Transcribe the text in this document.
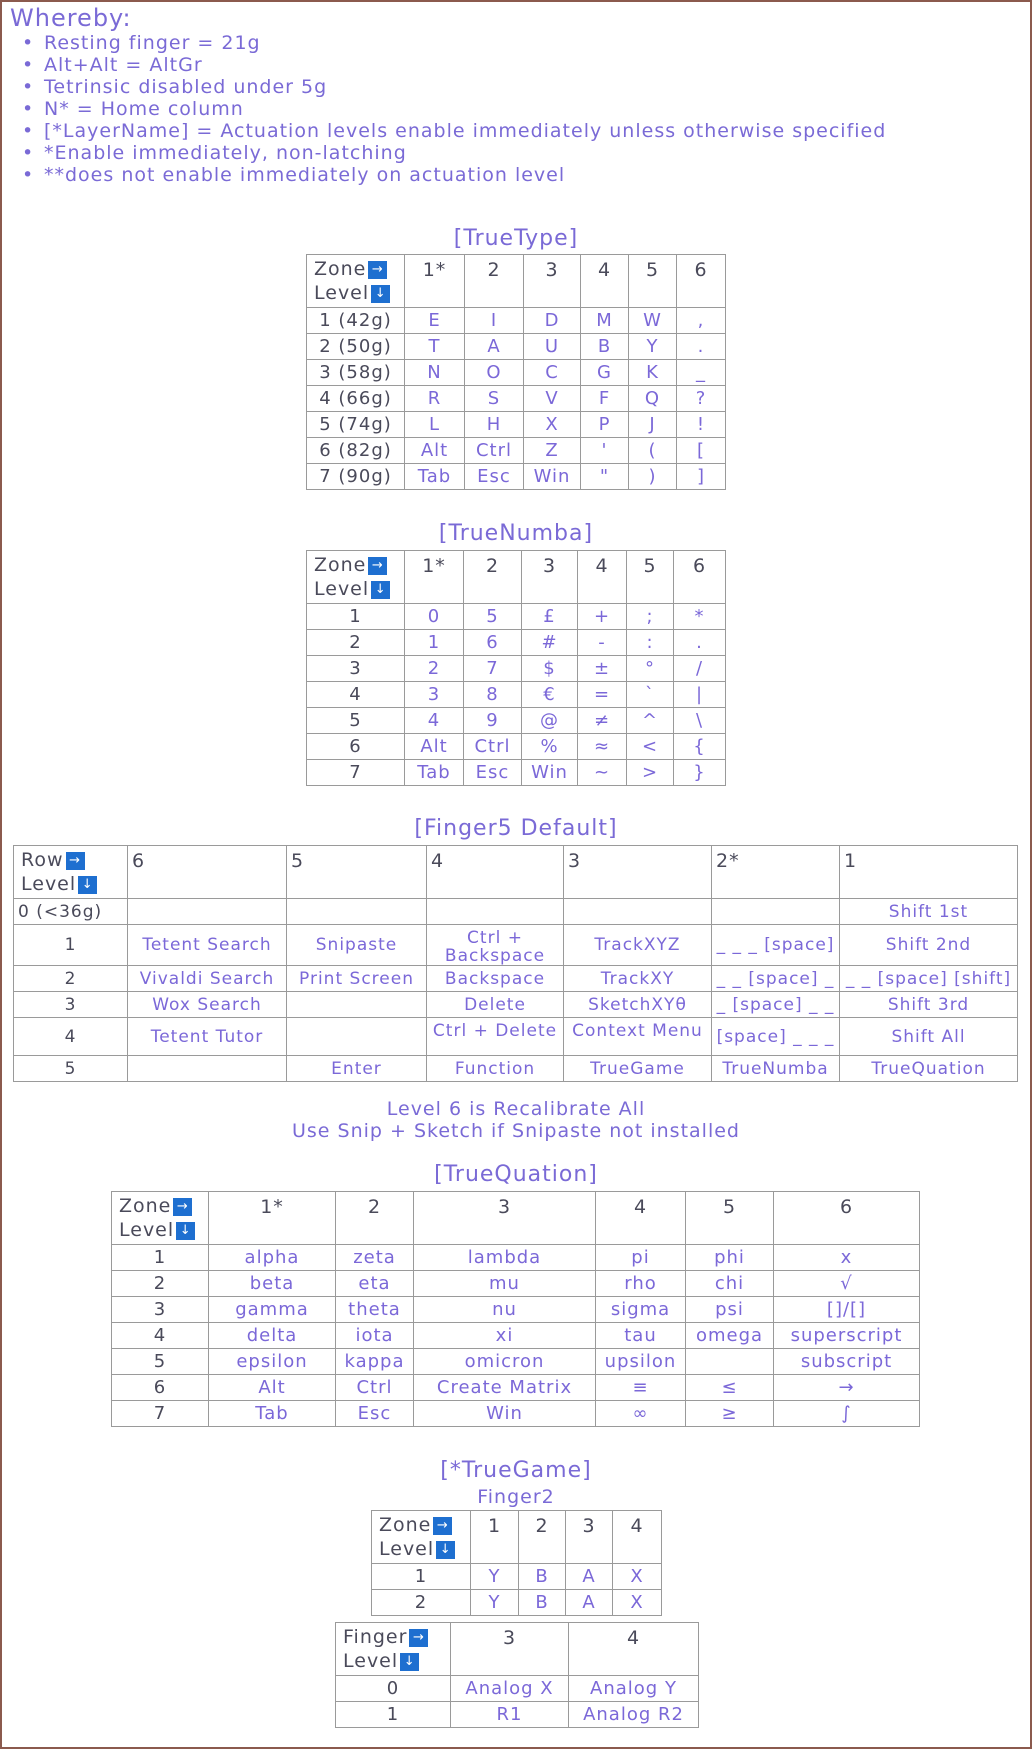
Whereby:
• Resting finger = 21g
• Alt+Alt = AltGr
• Tetrinsic disabled under 5g
• N* = Home column
• [*LayerName] = Actuation levels enable immediately unless otherwise specified
• *Enable immediately, non-latching
• **does not enable immediately on actuation level
[TrueType]
Zone →
Level ↓	1*	2	3	4	5	6
1 (42g)	E	I	D	M	W	,
2 (50g)	T	A	U	B	Y	.
3 (58g)	N	O	C	G	K	_
4 (66g)	R	S	V	F	Q	?
5 (74g)	L	H	X	P	J	!
6 (82g)	Alt	Ctrl	Z	'	(	[
7 (90g)	Tab	Esc	Win	"	)	]
[TrueNumba]
Zone →
Level ↓	1*	2	3	4	5	6
1	0	5	£	+	;	*
2	1	6	#	-	:	.
3	2	7	$	±	°	/
4	3	8	€	=	`	|
5	4	9	@	≠	^	\
6	Alt	Ctrl	%	≈	<	{
7	Tab	Esc	Win	~	>	}
[Finger5 Default]
Row →
Level ↓	6	5	4	3	2*	1
0 (<36g)						Shift 1st
1	Tetent Search	Snipaste	Ctrl + Backspace	TrackXYZ	_ _ _ [space]	Shift 2nd
2	Vivaldi Search	Print Screen	Backspace	TrackXY	_ _ [space] _	_ _ [space] [shift]
3	Wox Search		Delete	SketchXYθ	_ [space] _ _	Shift 3rd
4	Tetent Tutor		Ctrl + Delete	Context Menu	[space] _ _ _	Shift All
5		Enter	Function	TrueGame	TrueNumba	TrueQuation
Level 6 is Recalibrate All
Use Snip + Sketch if Snipaste not installed
[TrueQuation]
Zone →
Level ↓	1*	2	3	4	5	6
1	alpha	zeta	lambda	pi	phi	x
2	beta	eta	mu	rho	chi	√
3	gamma	theta	nu	sigma	psi	[]/[]
4	delta	iota	xi	tau	omega	superscript
5	epsilon	kappa	omicron	upsilon		subscript
6	Alt	Ctrl	Create Matrix	≡	≤	→
7	Tab	Esc	Win	∞	≥	∫
[*TrueGame]
Finger2
Zone →
Level ↓	1	2	3	4
1	Y	B	A	X
2	Y	B	A	X
Finger →
Level ↓	3	4
0	Analog X	Analog Y
1	R1	Analog R2
